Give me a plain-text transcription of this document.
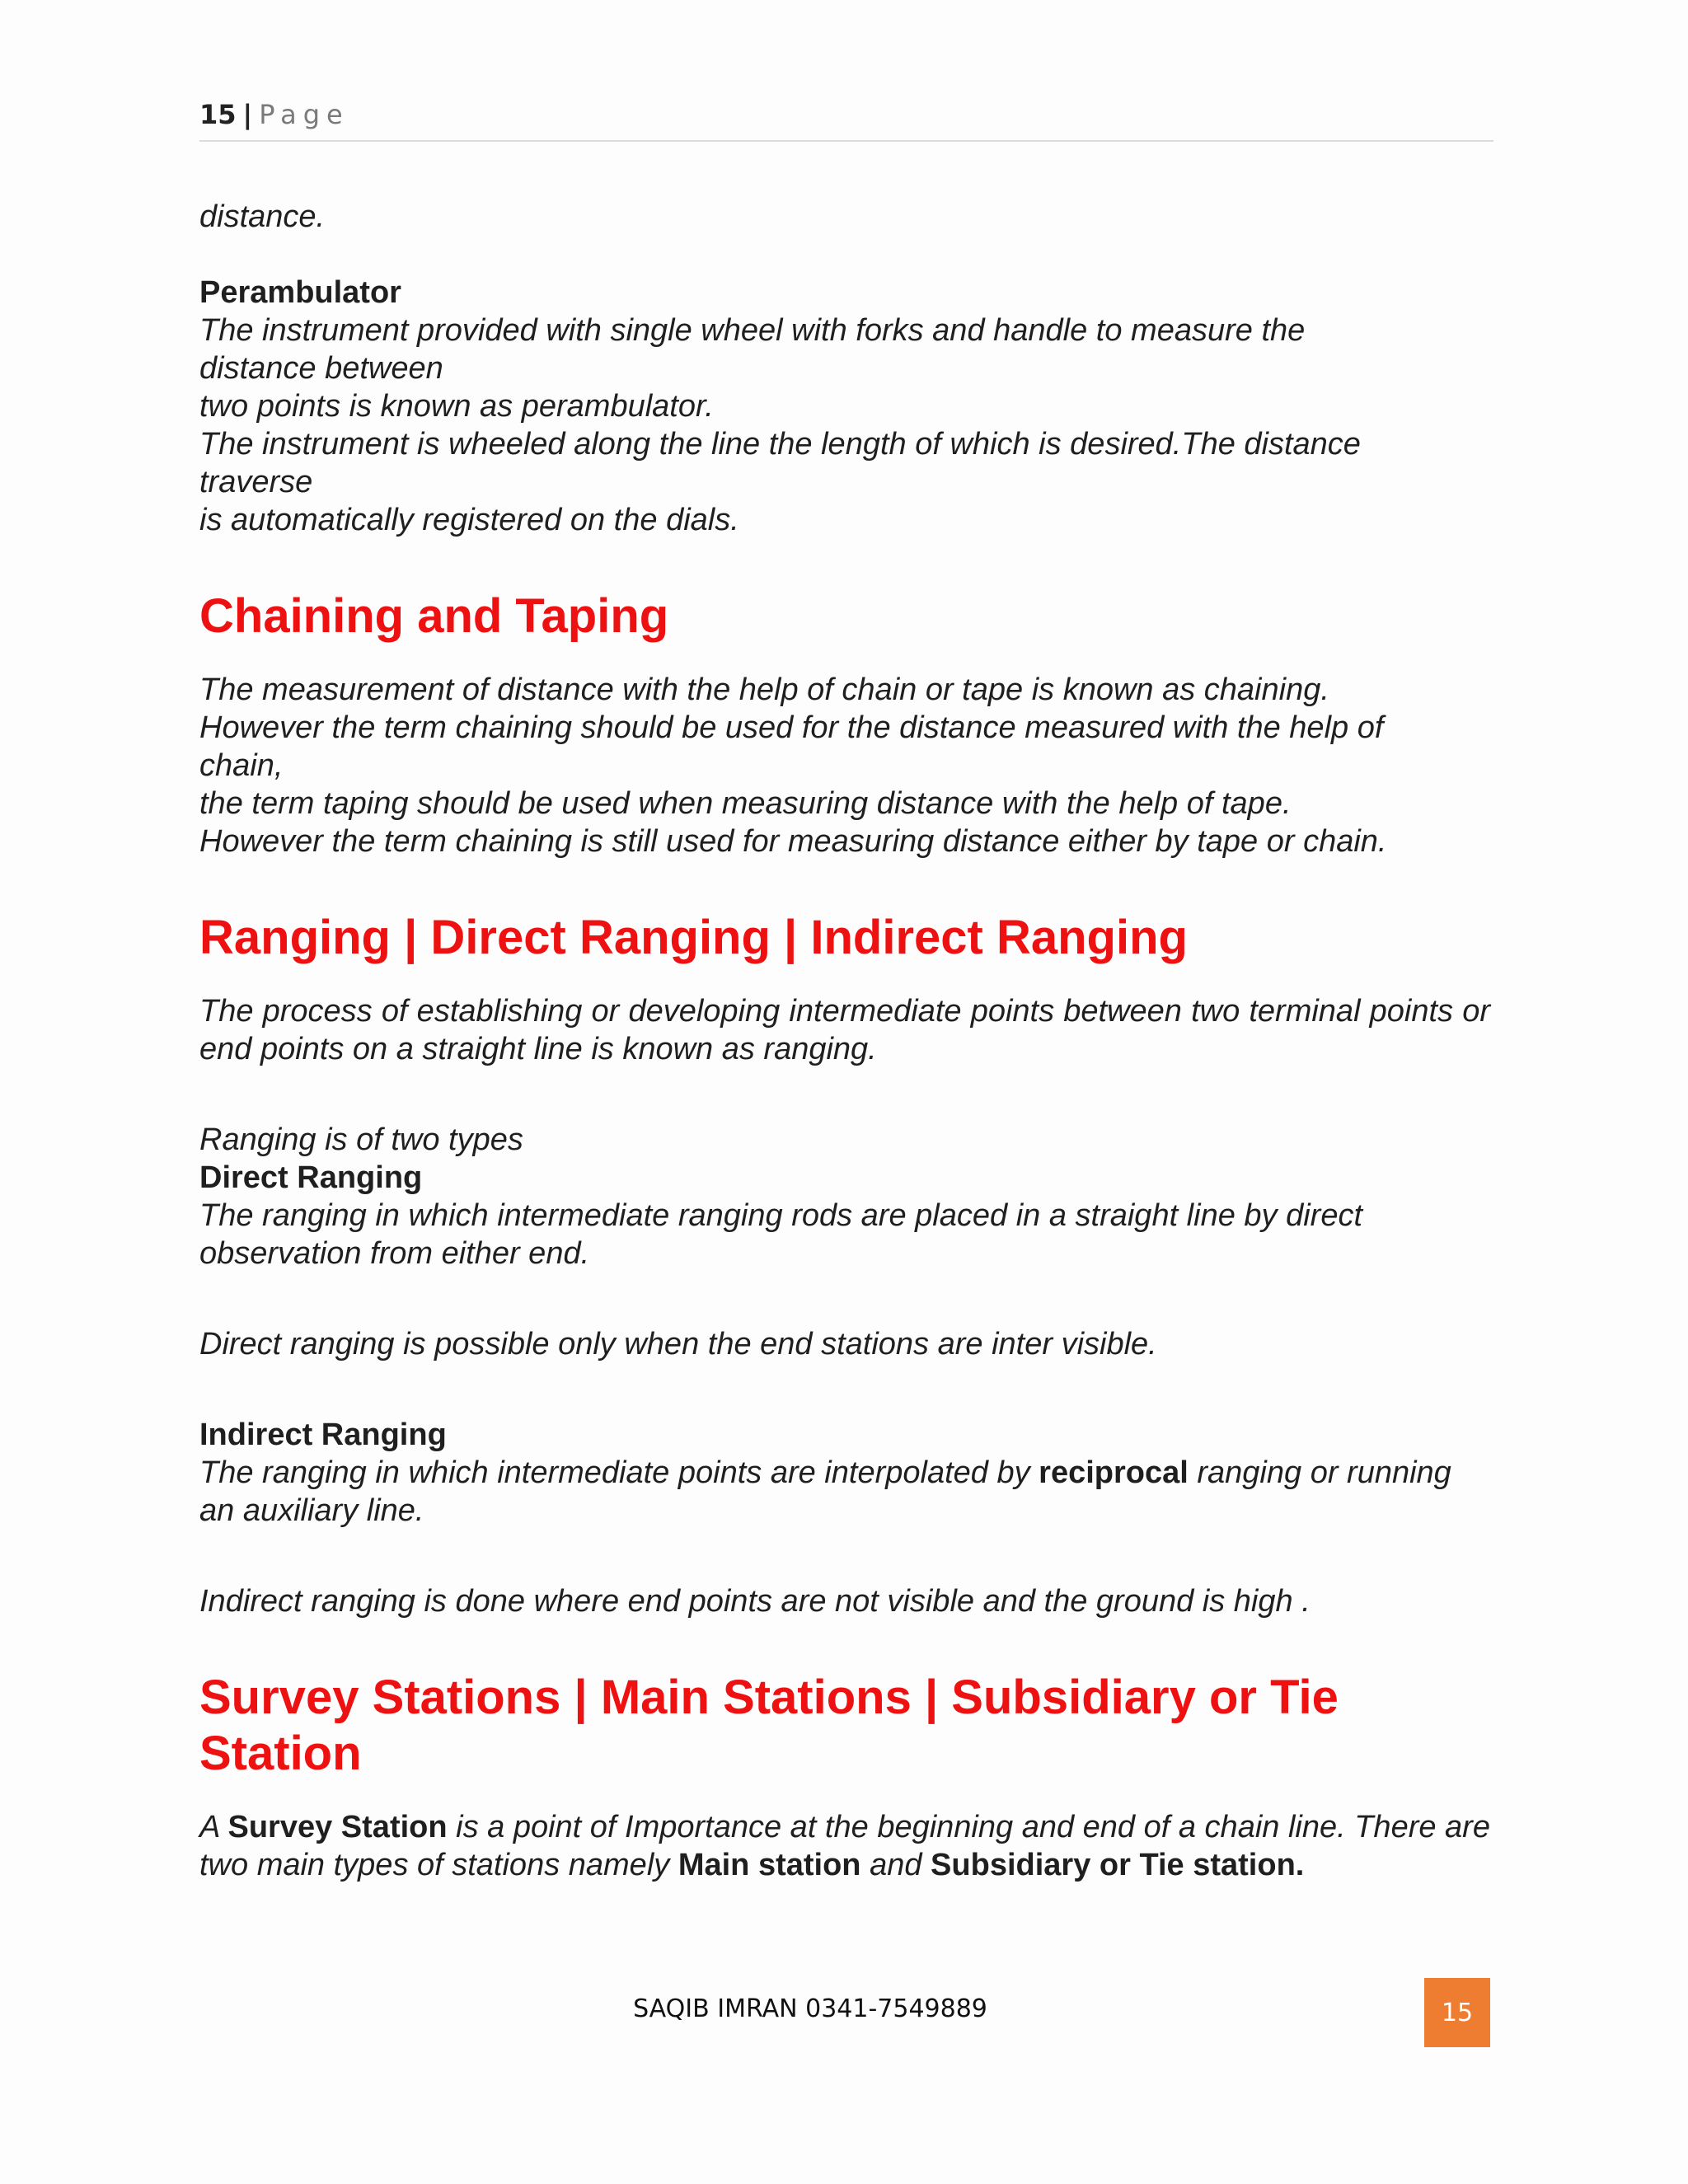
15 | Page

distance.

Perambulator

The instrument provided with single wheel with forks and handle to measure the

distance between

two points is known as perambulator.

The instrument is wheeled along the line the length of which is desired.The distance

traverse

is automatically registered on the dials.

Chaining and Taping

The measurement of distance with the help of chain or tape is known as chaining.

However the term chaining should be used for the distance measured with the help of

chain,

the term taping should be used when measuring distance with the help of tape.

However the term chaining is still used for measuring distance either by tape or chain.

Ranging | Direct Ranging | Indirect Ranging

The process of establishing or developing intermediate points between two terminal points or end points on a straight line is known as ranging.

Ranging is of two types

Direct Ranging

The ranging in which intermediate ranging rods are placed in a straight line by direct observation from either end.

Direct ranging is possible only when the end stations are inter visible.

Indirect Ranging

The ranging in which intermediate points are interpolated by reciprocal ranging or running an auxiliary line.

Indirect ranging is done where end points are not visible and the ground is high .

Survey Stations | Main Stations | Subsidiary or Tie
Station

A Survey Station is a point of Importance at the beginning and end of a chain line. There are two main types of stations namely Main station and Subsidiary or Tie station.

SAQIB IMRAN 0341-7549889	15
